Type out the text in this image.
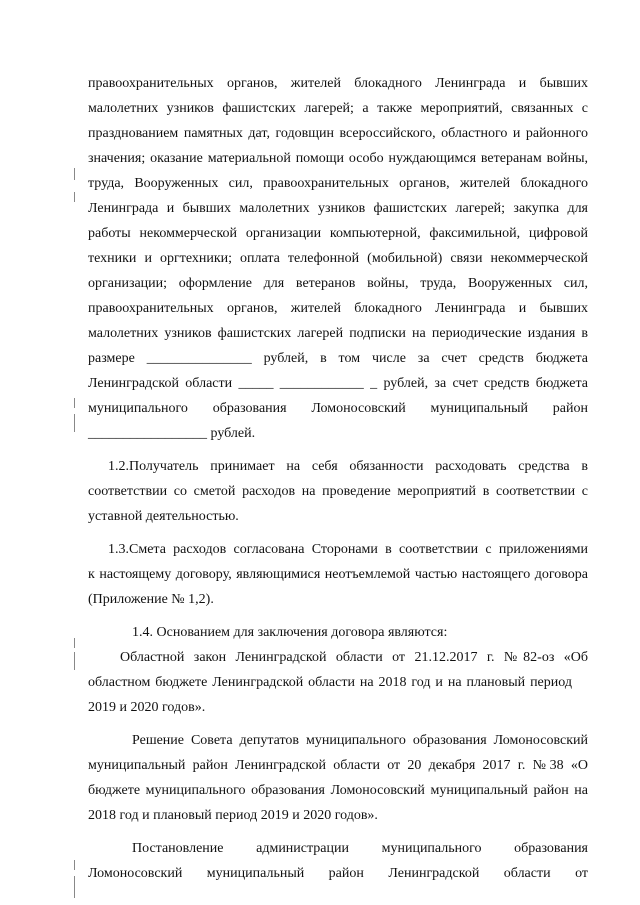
правоохранительных органов, жителей блокадного Ленинграда и бывших
малолетних узников фашистских лагерей; а также мероприятий, связанных с
празднованием памятных дат, годовщин всероссийского, областного и районного
значения; оказание материальной помощи особо нуждающимся ветеранам войны,
труда, Вооруженных сил, правоохранительных органов, жителей блокадного
Ленинграда и бывших малолетних узников фашистских лагерей; закупка для
работы некоммерческой организации компьютерной, факсимильной, цифровой
техники и оргтехники; оплата телефонной (мобильной) связи некоммерческой
организации; оформление для ветеранов войны, труда, Вооруженных сил,
правоохранительных органов, жителей блокадного Ленинграда и бывших
малолетних узников фашистских лагерей подписки на периодические издания в
размере _______________ рублей, в том числе за счет средств бюджета
Ленинградской области _____ ____________ _ рублей, за счет средств бюджета
муниципального образования Ломоносовский муниципальный район
_________________ рублей.
1.2.Получатель принимает на себя обязанности расходовать средства в
соответствии со сметой расходов на проведение мероприятий в соответствии с
уставной деятельностью.
1.3.Смета расходов согласована Сторонами в соответствии с приложениями
к настоящему договору, являющимися неотъемлемой частью настоящего договора
(Приложение № 1,2).
1.4. Основанием для заключения договора являются:
Областной закон Ленинградской области от 21.12.2017 г. №82-оз «Об
областном бюджете Ленинградской области на 2018 год и на плановый период
2019 и 2020 годов».
Решение Совета депутатов муниципального образования Ломоносовский
муниципальный район Ленинградской области от 20 декабря 2017 г. №38 «О
бюджете муниципального образования Ломоносовский муниципальный район на
2018 год и плановый период 2019 и 2020 годов».
Постановление администрации муниципального образования
Ломоносовский муниципальный район Ленинградской области от
